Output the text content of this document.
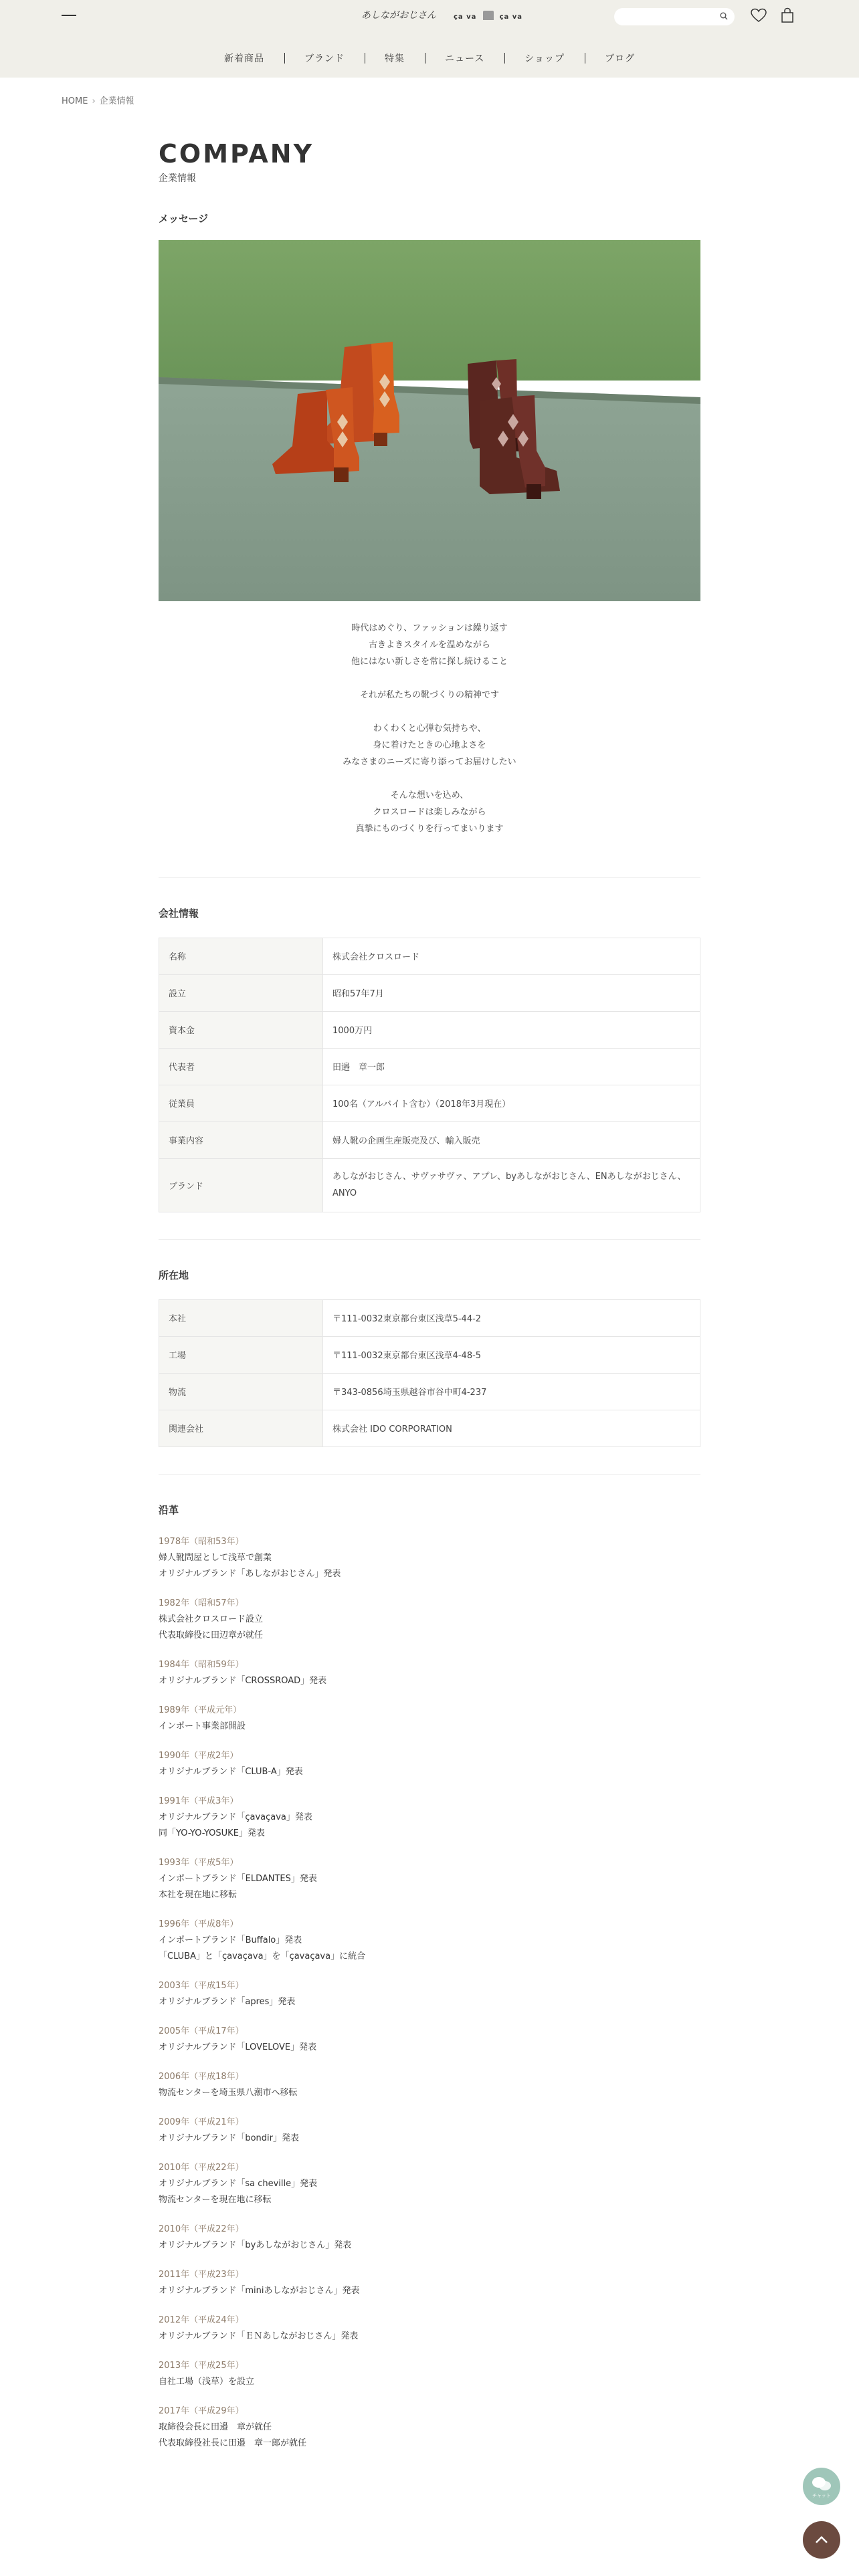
あしながおじさん	ça va	ça va
新着商品	ブランド	特集	ニュース	ショップ	ブログ
HOME › 企業情報
COMPANY
企業情報
メッセージ

時代はめぐり、ファッションは繰り返す

古きよきスタイルを温めながら

他にはない新しさを常に探し続けること

それが私たちの靴づくりの精神です

わくわくと心弾む気持ちや、

身に着けたときの心地よさを

みなさまのニーズに寄り添ってお届けしたい

そんな想いを込め、

クロスロードは楽しみながら

真摯にものづくりを行ってまいります

会社情報
名称	株式会社クロスロード
設立	昭和57年7月
資本金	1000万円
代表者	田邉　章一郎
従業員	100名（アルバイト含む）（2018年3月現在）
事業内容	婦人靴の企画生産販売及び、輸入販売
ブランド	あしながおじさん、サヴァサヴァ、アプレ、byあしながおじさん、ENあしながおじさん、ANYO
所在地
本社	〒111-0032東京都台東区浅草5-44-2
工場	〒111-0032東京都台東区浅草4-48-5
物流	〒343-0856埼玉県越谷市谷中町4-237
関連会社	株式会社 IDO CORPORATION
沿革
1978年（昭和53年）
婦人靴問屋として浅草で創業
オリジナルブランド「あしながおじさん」発表
1982年（昭和57年）
株式会社クロスロード設立
代表取締役に田辺章が就任
1984年（昭和59年）
オリジナルブランド「CROSSROAD」発表
1989年（平成元年）
インポート事業部開設
1990年（平成2年）
オリジナルブランド「CLUB-A」発表
1991年（平成3年）
オリジナルブランド「çavaçava」発表
同「YO-YO-YOSUKE」発表
1993年（平成5年）
インポートブランド「ELDANTES」発表
本社を現在地に移転
1996年（平成8年）
インポートブランド「Buffalo」発表
「CLUBA」と「çavaçava」を「çavaçava」に統合
2003年（平成15年）
オリジナルブランド「apres」発表
2005年（平成17年）
オリジナルブランド「LOVELOVE」発表
2006年（平成18年）
物流センターを埼玉県八潮市へ移転
2009年（平成21年）
オリジナルブランド「bondir」発表
2010年（平成22年）
オリジナルブランド「sa cheville」発表
物流センターを現在地に移転
2010年（平成22年）
オリジナルブランド「byあしながおじさん」発表
2011年（平成23年）
オリジナルブランド「miniあしながおじさん」発表
2012年（平成24年）
オリジナルブランド「ＥＮあしながおじさん」発表
2013年（平成25年）
自社工場（浅草）を設立
2017年（平成29年）
取締役会長に田邉　章が就任
代表取締役社長に田邉　章一郎が就任
チャット
